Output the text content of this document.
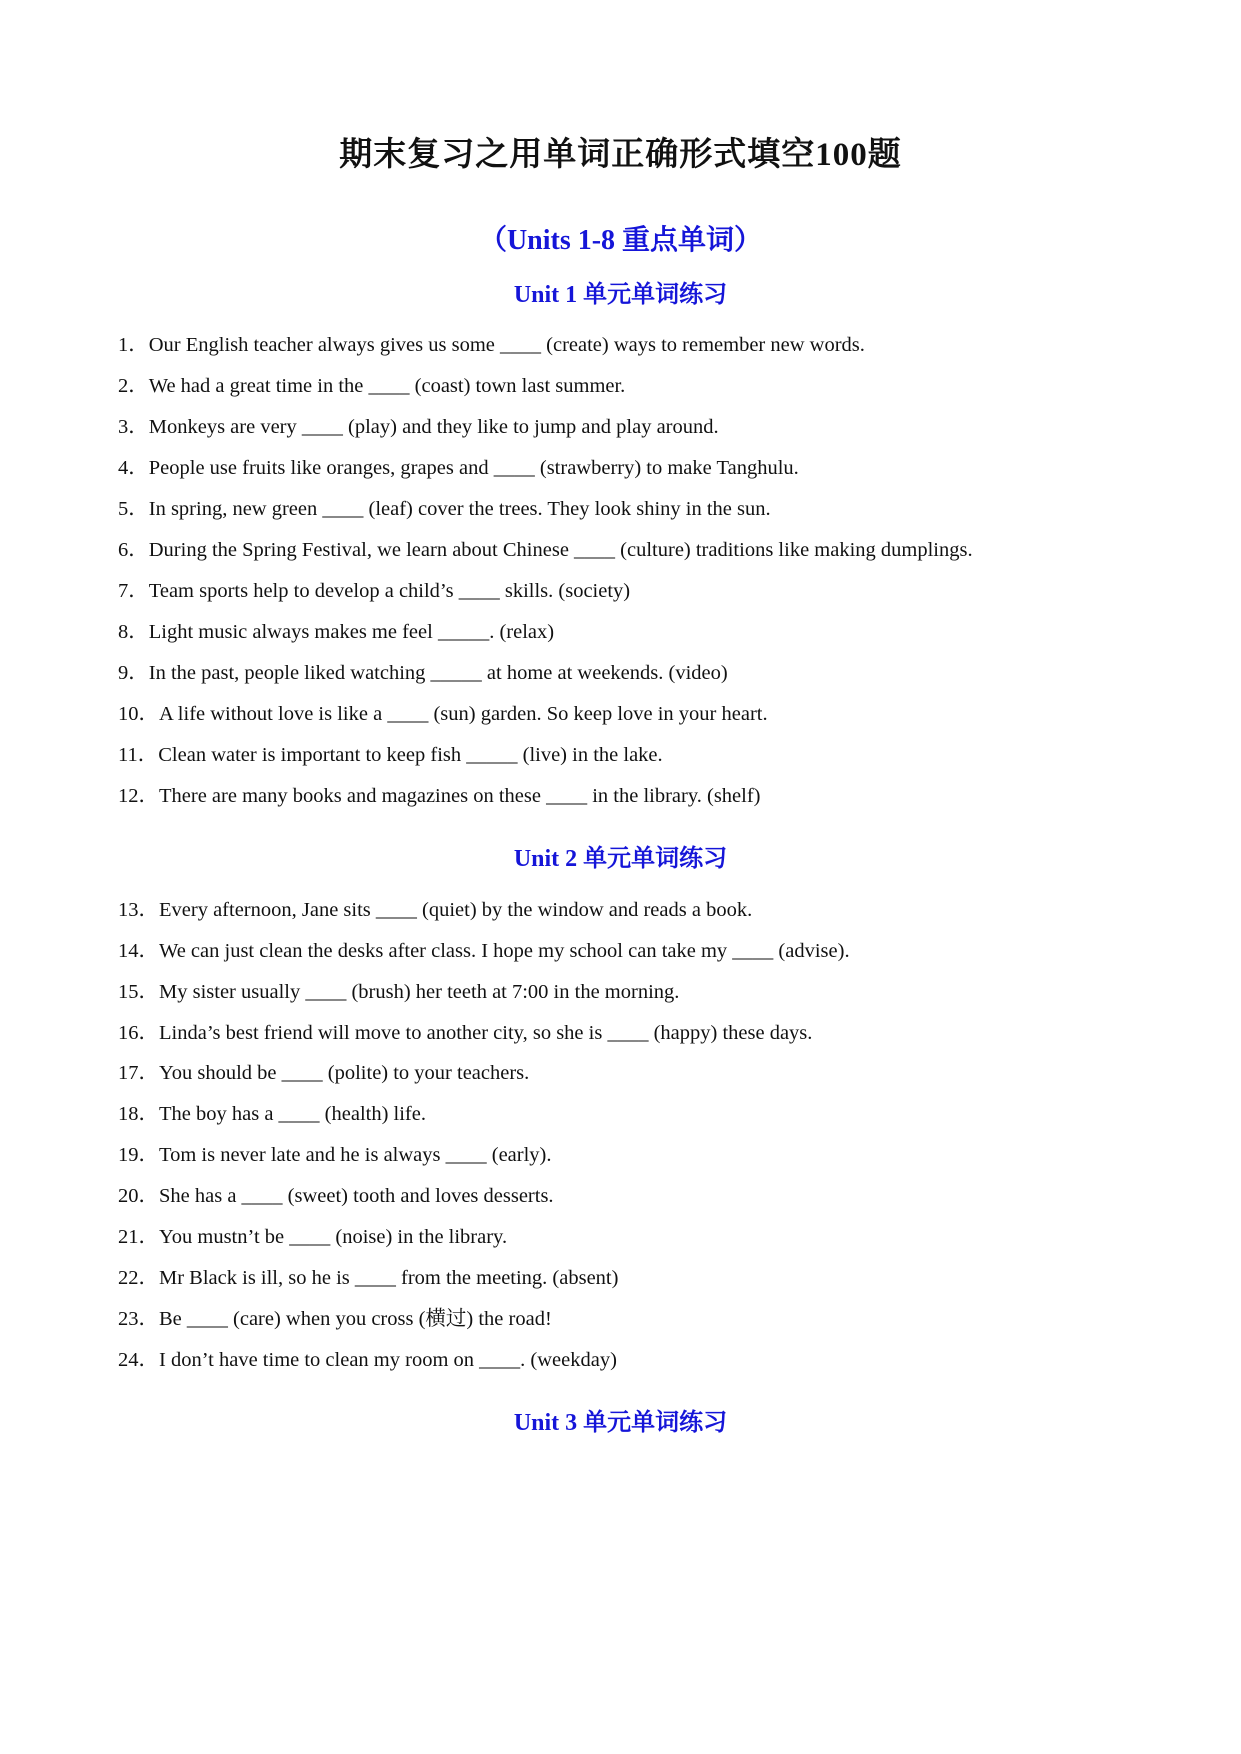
期末复习之用单词正确形式填空100题
（Units 1-8 重点单词）
Unit 1 单元单词练习
1．Our English teacher always gives us some ____ (create) ways to remember new words.
2．We had a great time in the ____ (coast) town last summer.
3．Monkeys are very ____ (play) and they like to jump and play around.
4．People use fruits like oranges, grapes and ____ (strawberry) to make Tanghulu.
5．In spring, new green ____ (leaf) cover the trees. They look shiny in the sun.
6．During the Spring Festival, we learn about Chinese ____ (culture) traditions like making dumplings.
7．Team sports help to develop a child’s ____ skills. (society)
8．Light music always makes me feel _____. (relax)
9．In the past, people liked watching _____ at home at weekends. (video)
10．A life without love is like a ____ (sun) garden. So keep love in your heart.
11．Clean water is important to keep fish _____ (live) in the lake.
12．There are many books and magazines on these ____ in the library. (shelf)
Unit 2 单元单词练习
13．Every afternoon, Jane sits ____ (quiet) by the window and reads a book.
14．We can just clean the desks after class. I hope my school can take my ____ (advise).
15．My sister usually ____ (brush) her teeth at 7:00 in the morning.
16．Linda’s best friend will move to another city, so she is ____ (happy) these days.
17．You should be ____ (polite) to your teachers.
18．The boy has a ____ (health) life.
19．Tom is never late and he is always ____ (early).
20．She has a ____ (sweet) tooth and loves desserts.
21．You mustn’t be ____ (noise) in the library.
22．Mr Black is ill, so he is ____ from the meeting. (absent)
23．Be ____ (care) when you cross (横过) the road!
24．I don’t have time to clean my room on ____. (weekday)
Unit 3 单元单词练习
